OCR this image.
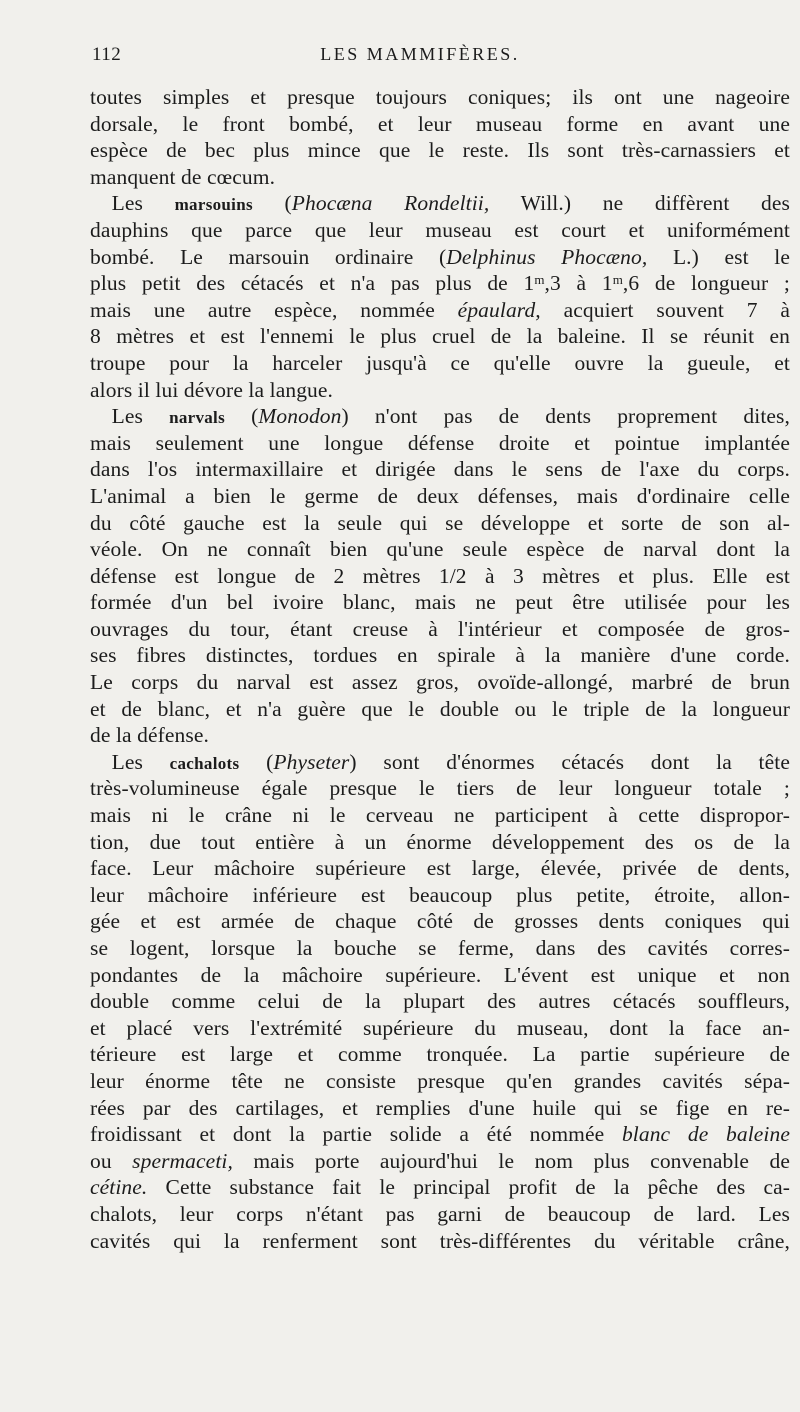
112	LES MAMMIFÈRES.
toutes simples et presque toujours coniques; ils ont une nageoire
dorsale, le front bombé, et leur museau forme en avant une
espèce de bec plus mince que le reste. Ils sont très-carnassiers et
manquent de cœcum.
 Les marsouins (Phocæna Rondeltii, Will.) ne diffèrent des
dauphins que parce que leur museau est court et uniformément
bombé. Le marsouin ordinaire (Delphinus Phocæno, L.) est le
plus petit des cétacés et n'a pas plus de 1$^m$,3 à 1$^m$,6 de longueur ;
mais une autre espèce, nommée épaulard, acquiert souvent 7 à
8 mètres et est l'ennemi le plus cruel de la baleine. Il se réunit en
troupe pour la harceler jusqu'à ce qu'elle ouvre la gueule, et
alors il lui dévore la langue.
 Les narvals (Monodon) n'ont pas de dents proprement dites,
mais seulement une longue défense droite et pointue implantée
dans l'os intermaxillaire et dirigée dans le sens de l'axe du corps.
L'animal a bien le germe de deux défenses, mais d'ordinaire celle
du côté gauche est la seule qui se développe et sorte de son al-
véole. On ne connaît bien qu'une seule espèce de narval dont la
défense est longue de 2 mètres 1/2 à 3 mètres et plus. Elle est
formée d'un bel ivoire blanc, mais ne peut être utilisée pour les
ouvrages du tour, étant creuse à l'intérieur et composée de gros-
ses fibres distinctes, tordues en spirale à la manière d'une corde.
Le corps du narval est assez gros, ovoïde-allongé, marbré de brun
et de blanc, et n'a guère que le double ou le triple de la longueur
de la défense.
 Les cachalots (Physeter) sont d'énormes cétacés dont la tête
très-volumineuse égale presque le tiers de leur longueur totale ;
mais ni le crâne ni le cerveau ne participent à cette dispropor-
tion, due tout entière à un énorme développement des os de la
face. Leur mâchoire supérieure est large, élevée, privée de dents,
leur mâchoire inférieure est beaucoup plus petite, étroite, allon-
gée et est armée de chaque côté de grosses dents coniques qui
se logent, lorsque la bouche se ferme, dans des cavités corres-
pondantes de la mâchoire supérieure. L'évent est unique et non
double comme celui de la plupart des autres cétacés souffleurs,
et placé vers l'extrémité supérieure du museau, dont la face an-
térieure est large et comme tronquée. La partie supérieure de
leur énorme tête ne consiste presque qu'en grandes cavités sépa-
rées par des cartilages, et remplies d'une huile qui se fige en re-
froidissant et dont la partie solide a été nommée blanc de baleine
ou spermaceti, mais porte aujourd'hui le nom plus convenable de
cétine. Cette substance fait le principal profit de la pêche des ca-
chalots, leur corps n'étant pas garni de beaucoup de lard. Les
cavités qui la renferment sont très-différentes du véritable crâne,
